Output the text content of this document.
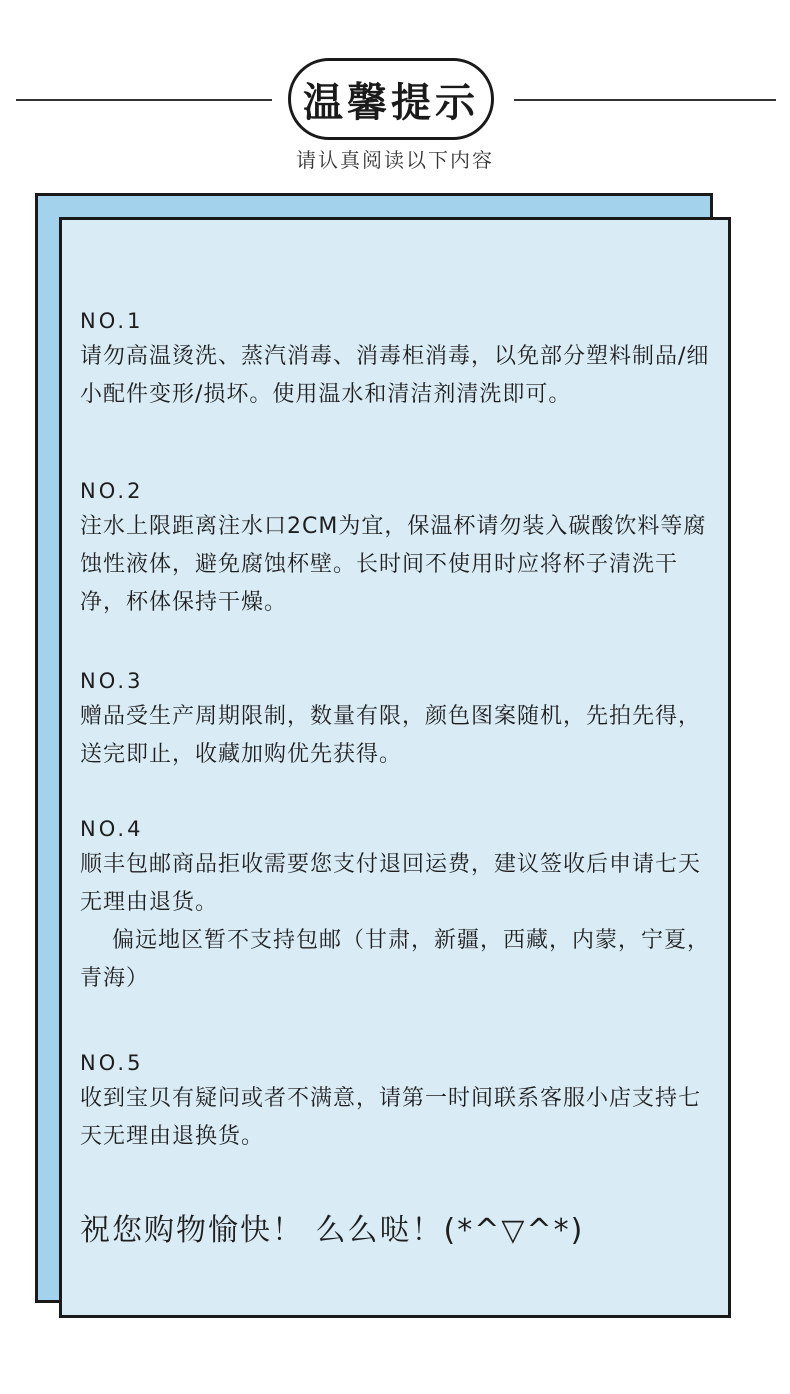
温馨提示
请认真阅读以下内容

NO.1
请勿高温烫洗、蒸汽消毒、消毒柜消毒，以免部分塑料制品/细小配件变形/损坏。使用温水和清洁剂清洗即可。

NO.2
注水上限距离注水口2CM为宜，保温杯请勿装入碳酸饮料等腐蚀性液体，避免腐蚀杯壁。长时间不使用时应将杯子清洗干净，杯体保持干燥。

NO.3
赠品受生产周期限制，数量有限，颜色图案随机，先拍先得，送完即止，收藏加购优先获得。

NO.4
顺丰包邮商品拒收需要您支付退回运费，建议签收后申请七天无理由退货。
偏远地区暂不支持包邮（甘肃，新疆，西藏，内蒙，宁夏，青海）

NO.5
收到宝贝有疑问或者不满意，请第一时间联系客服小店支持七天无理由退换货。

祝您购物愉快！ 么么哒！(*^▽^*)
